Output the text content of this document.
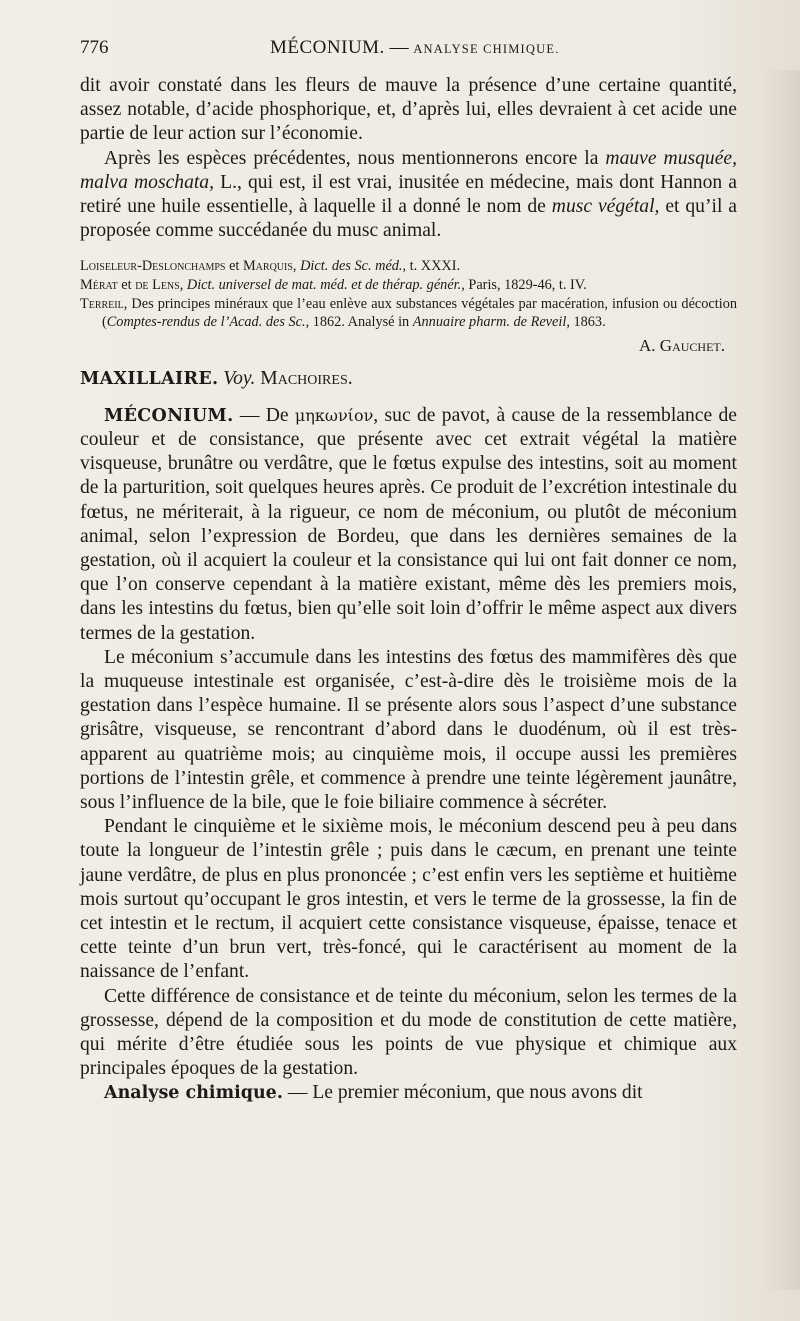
776	MÉCONIUM.
—
ANALYSE CHIMIQUE.

dit avoir constaté dans les fleurs de mauve la présence d’une certaine quantité, assez notable, d’acide phosphorique, et, d’après lui, elles devraient à cet acide une partie de leur action sur l’économie.

Après les espèces précédentes, nous mentionnerons encore la mauve musquée, malva moschata, L., qui est, il est vrai, inusitée en médecine, mais dont Hannon a retiré une huile essentielle, à laquelle il a donné le nom de musc végétal, et qu’il a proposée comme succédanée du musc animal.

Loiseleur-Deslonchamps et Marquis, Dict. des Sc. méd., t. XXXI.
Mérat et de Lens, Dict. universel de mat. méd. et de thérap. génér., Paris, 1829-46, t. IV.
Terreil, Des principes minéraux que l’eau enlève aux substances végétales par macération, infusion ou décoction (Comptes-rendus de l’Acad. des Sc., 1862. Analysé in Annuaire pharm. de Reveil, 1863.
A. Gauchet.

MAXILLAIRE. Voy. Machoires.

MÉCONIUM. — De μηκωνίον, suc de pavot, à cause de la ressemblance de couleur et de consistance, que présente avec cet extrait végétal la matière visqueuse, brunâtre ou verdâtre, que le fœtus expulse des intestins, soit au moment de la parturition, soit quelques heures après. Ce produit de l’excrétion intestinale du fœtus, ne mériterait, à la rigueur, ce nom de méconium, ou plutôt de méconium animal, selon l’expression de Bordeu, que dans les dernières semaines de la gestation, où il acquiert la couleur et la consistance qui lui ont fait donner ce nom, que l’on conserve cependant à la matière existant, même dès les premiers mois, dans les intestins du fœtus, bien qu’elle soit loin d’offrir le même aspect aux divers termes de la gestation.

Le méconium s’accumule dans les intestins des fœtus des mammifères dès que la muqueuse intestinale est organisée, c’est-à-dire dès le troisième mois de la gestation dans l’espèce humaine. Il se présente alors sous l’aspect d’une substance grisâtre, visqueuse, se rencontrant d’abord dans le duodénum, où il est très-apparent au quatrième mois; au cinquième mois, il occupe aussi les premières portions de l’intestin grêle, et commence à prendre une teinte légèrement jaunâtre, sous l’influence de la bile, que le foie biliaire commence à sécréter.

Pendant le cinquième et le sixième mois, le méconium descend peu à peu dans toute la longueur de l’intestin grêle ; puis dans le cæcum, en prenant une teinte jaune verdâtre, de plus en plus prononcée ; c’est enfin vers les septième et huitième mois surtout qu’occupant le gros intestin, et vers le terme de la grossesse, la fin de cet intestin et le rectum, il acquiert cette consistance visqueuse, épaisse, tenace et cette teinte d’un brun vert, très-foncé, qui le caractérisent au moment de la naissance de l’enfant.

Cette différence de consistance et de teinte du méconium, selon les termes de la grossesse, dépend de la composition et du mode de constitution de cette matière, qui mérite d’être étudiée sous les points de vue physique et chimique aux principales époques de la gestation.

Analyse chimique. — Le premier méconium, que nous avons dit
